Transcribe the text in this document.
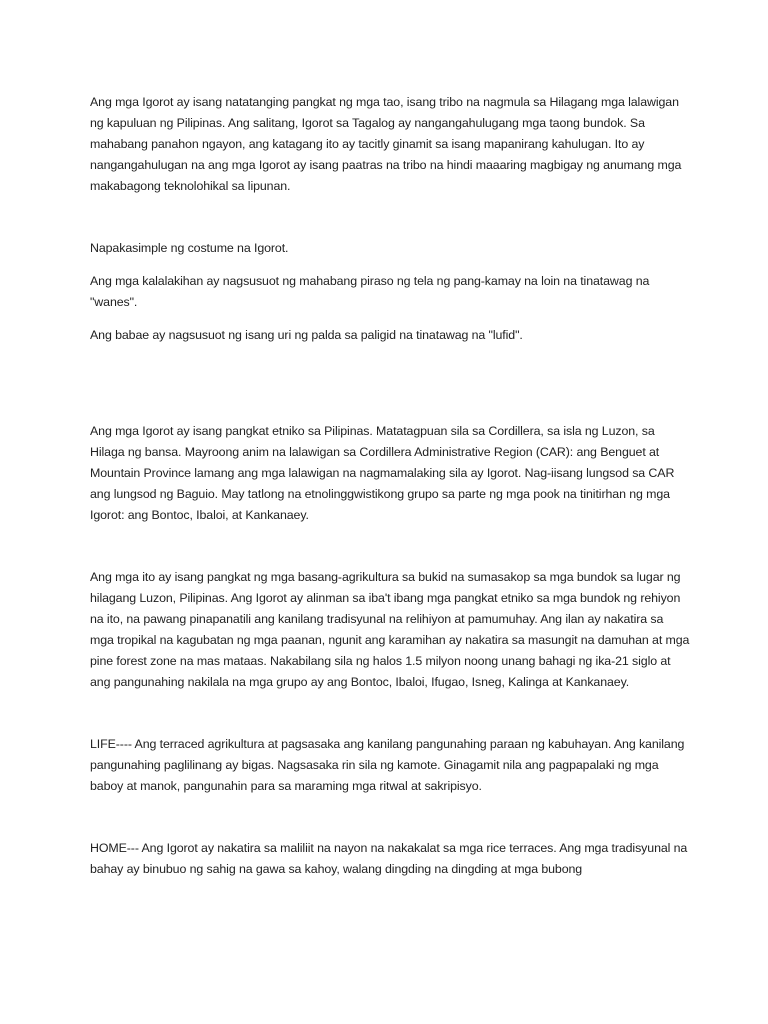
Ang mga Igorot ay isang natatanging pangkat ng mga tao, isang tribo na nagmula sa Hilagang mga lalawigan ng kapuluan ng Pilipinas. Ang salitang, Igorot sa Tagalog ay nangangahulugang mga taong bundok. Sa mahabang panahon ngayon, ang katagang ito ay tacitly ginamit sa isang mapanirang kahulugan. Ito ay nangangahulugan na ang mga Igorot ay isang paatras na tribo na hindi maaaring magbigay ng anumang mga makabagong teknolohikal sa lipunan.

Napakasimple ng costume na Igorot.

Ang mga kalalakihan ay nagsusuot ng mahabang piraso ng tela ng pang-kamay na loin na tinatawag na "wanes".

Ang babae ay nagsusuot ng isang uri ng palda sa paligid na tinatawag na "lufid".

Ang mga Igorot ay isang pangkat etniko sa Pilipinas. Matatagpuan sila sa Cordillera, sa isla ng Luzon, sa Hilaga ng bansa. Mayroong anim na lalawigan sa Cordillera Administrative Region (CAR): ang Benguet at Mountain Province lamang ang mga lalawigan na nagmamalaking sila ay Igorot. Nag-iisang lungsod sa CAR ang lungsod ng Baguio. May tatlong na etnolinggwistikong grupo sa parte ng mga pook na tinitirhan ng mga Igorot: ang Bontoc, Ibaloi, at Kankanaey.

Ang mga ito ay isang pangkat ng mga basang-agrikultura sa bukid na sumasakop sa mga bundok sa lugar ng hilagang Luzon, Pilipinas. Ang Igorot ay alinman sa iba't ibang mga pangkat etniko sa mga bundok ng rehiyon na ito, na pawang pinapanatili ang kanilang tradisyunal na relihiyon at pamumuhay. Ang ilan ay nakatira sa mga tropikal na kagubatan ng mga paanan, ngunit ang karamihan ay nakatira sa masungit na damuhan at mga pine forest zone na mas mataas. Nakabilang sila ng halos 1.5 milyon noong unang bahagi ng ika-21 siglo at ang pangunahing nakilala na mga grupo ay ang Bontoc, Ibaloi, Ifugao, Isneg, Kalinga at Kankanaey.

LIFE---- Ang terraced agrikultura at pagsasaka ang kanilang pangunahing paraan ng kabuhayan. Ang kanilang pangunahing paglilinang ay bigas. Nagsasaka rin sila ng kamote. Ginagamit nila ang pagpapalaki ng mga baboy at manok, pangunahin para sa maraming mga ritwal at sakripisyo.

HOME--- Ang Igorot ay nakatira sa maliliit na nayon na nakakalat sa mga rice terraces. Ang mga tradisyunal na bahay ay binubuo ng sahig na gawa sa kahoy, walang dingding na dingding at mga bubong
